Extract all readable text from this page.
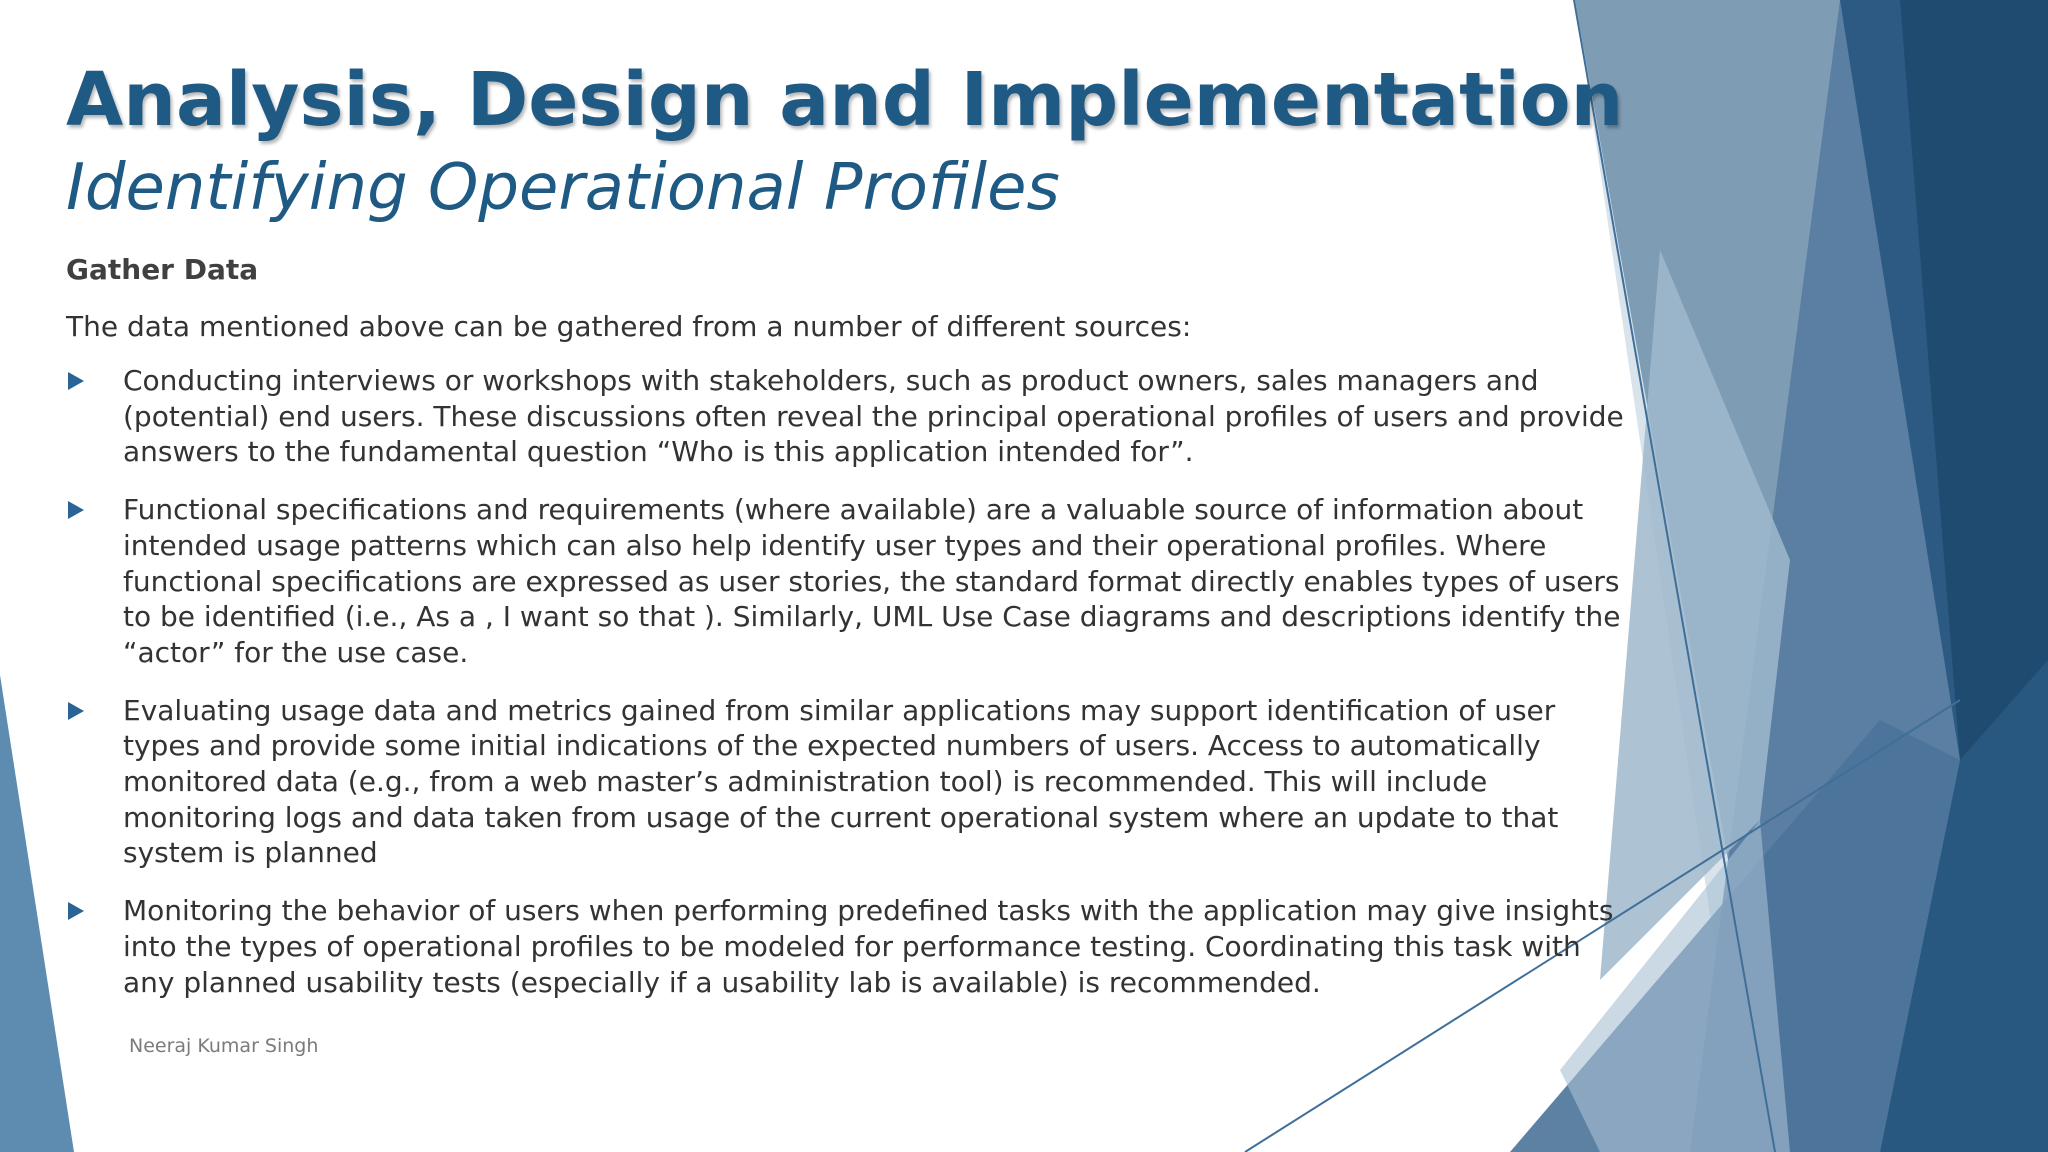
Analysis, Design and Implementation
Identifying Operational Profiles

Gather Data

The data mentioned above can be gathered from a number of different sources:

Conducting interviews or workshops with stakeholders, such as product owners, sales managers and (potential) end users. These discussions often reveal the principal operational profiles of users and provide answers to the fundamental question “Who is this application intended for”.
Functional specifications and requirements (where available) are a valuable source of information about intended usage patterns which can also help identify user types and their operational profiles. Where functional specifications are expressed as user stories, the standard format directly enables types of users to be identified (i.e., As a , I want so that ). Similarly, UML Use Case diagrams and descriptions identify the “actor” for the use case.
Evaluating usage data and metrics gained from similar applications may support identification of user types and provide some initial indications of the expected numbers of users. Access to automatically monitored data (e.g., from a web master’s administration tool) is recommended. This will include monitoring logs and data taken from usage of the current operational system where an update to that system is planned
Monitoring the behavior of users when performing predefined tasks with the application may give insights into the types of operational profiles to be modeled for performance testing. Coordinating this task with any planned usability tests (especially if a usability lab is available) is recommended.
Neeraj Kumar Singh
